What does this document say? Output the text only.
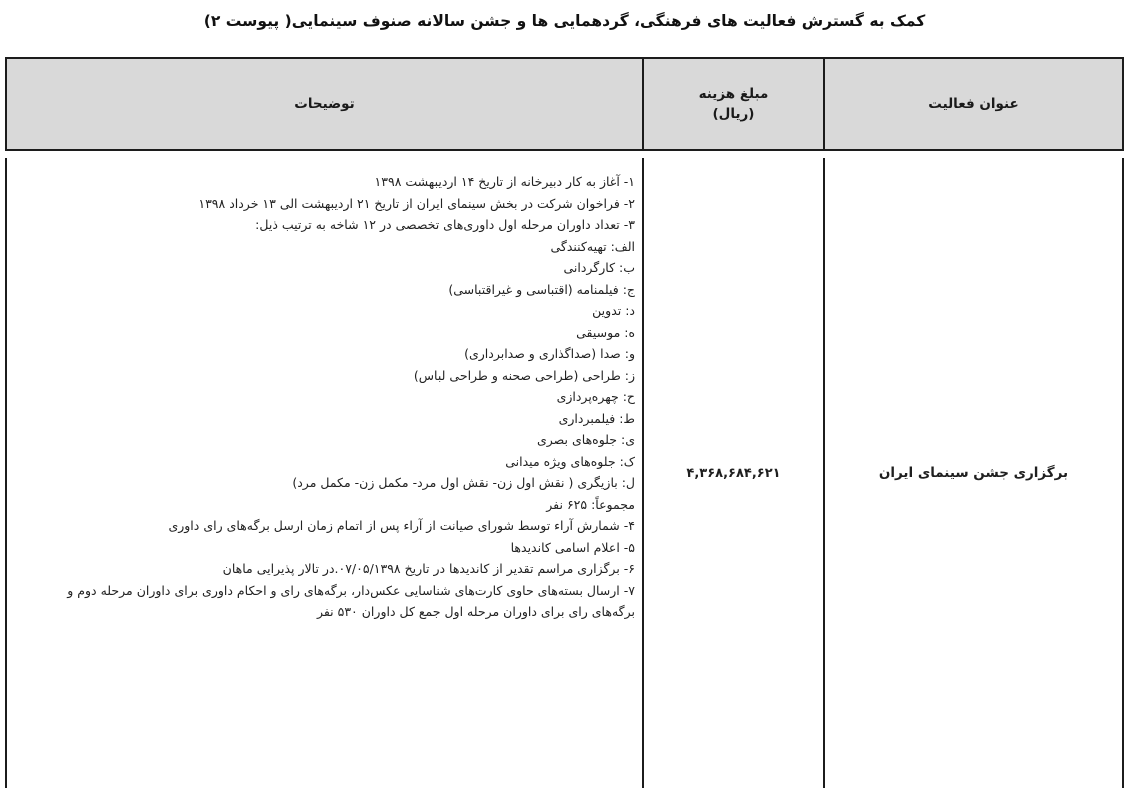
کمک به گسترش فعالیت های فرهنگی، گردهمایی ها و جشن سالانه صنوف سینمایی( پیوست ۲)
عنوان فعالیت
مبلغ هزینه
(ریال)
توضیحات
برگزاری جشن سینمای ایران
۴,۳۶۸,۶۸۴,۶۲۱
۱- آغاز به کار دبیرخانه از تاریخ ۱۴ اردیبهشت ۱۳۹۸
۲- فراخوان شرکت در بخش سینمای ایران از تاریخ ۲۱ اردیبهشت الی ۱۳ خرداد ۱۳۹۸
۳- تعداد داوران مرحله اول داوری‌های تخصصی در ۱۲ شاخه به ترتیب ذیل:
الف: تهیه‌کنندگی
ب: کارگردانی
ج: فیلمنامه (اقتباسی و غیراقتباسی)
د: تدوین
ه: موسیقی
و: صدا (صداگذاری و صدابرداری)
ز: طراحی (طراحی صحنه و طراحی لباس)
ح: چهره‌پردازی
ط: فیلمبرداری
ی: جلوه‌های بصری
ک: جلوه‌های ویژه میدانی
ل: بازیگری ( نقش اول زن- نقش اول مرد- مکمل زن- مکمل مرد)
مجموعاً: ۶۲۵ نفر
۴- شمارش آراء توسط شورای صیانت از آراء پس از اتمام زمان ارسل برگه‌های رای داوری
۵- اعلام اسامی کاندیدها
۶- برگزاری مراسم تقدیر از کاندیدها در تاریخ ۰۷/۰۵/۱۳۹۸.در تالار پذیرایی ماهان
۷- ارسال بسته‌های حاوی کارت‌های شناسایی عکس‌دار، برگه‌های رای و احکام داوری برای داوران مرحله دوم و برگه‌های رای برای داوران مرحله اول جمع کل داوران ۵۳۰ نفر
